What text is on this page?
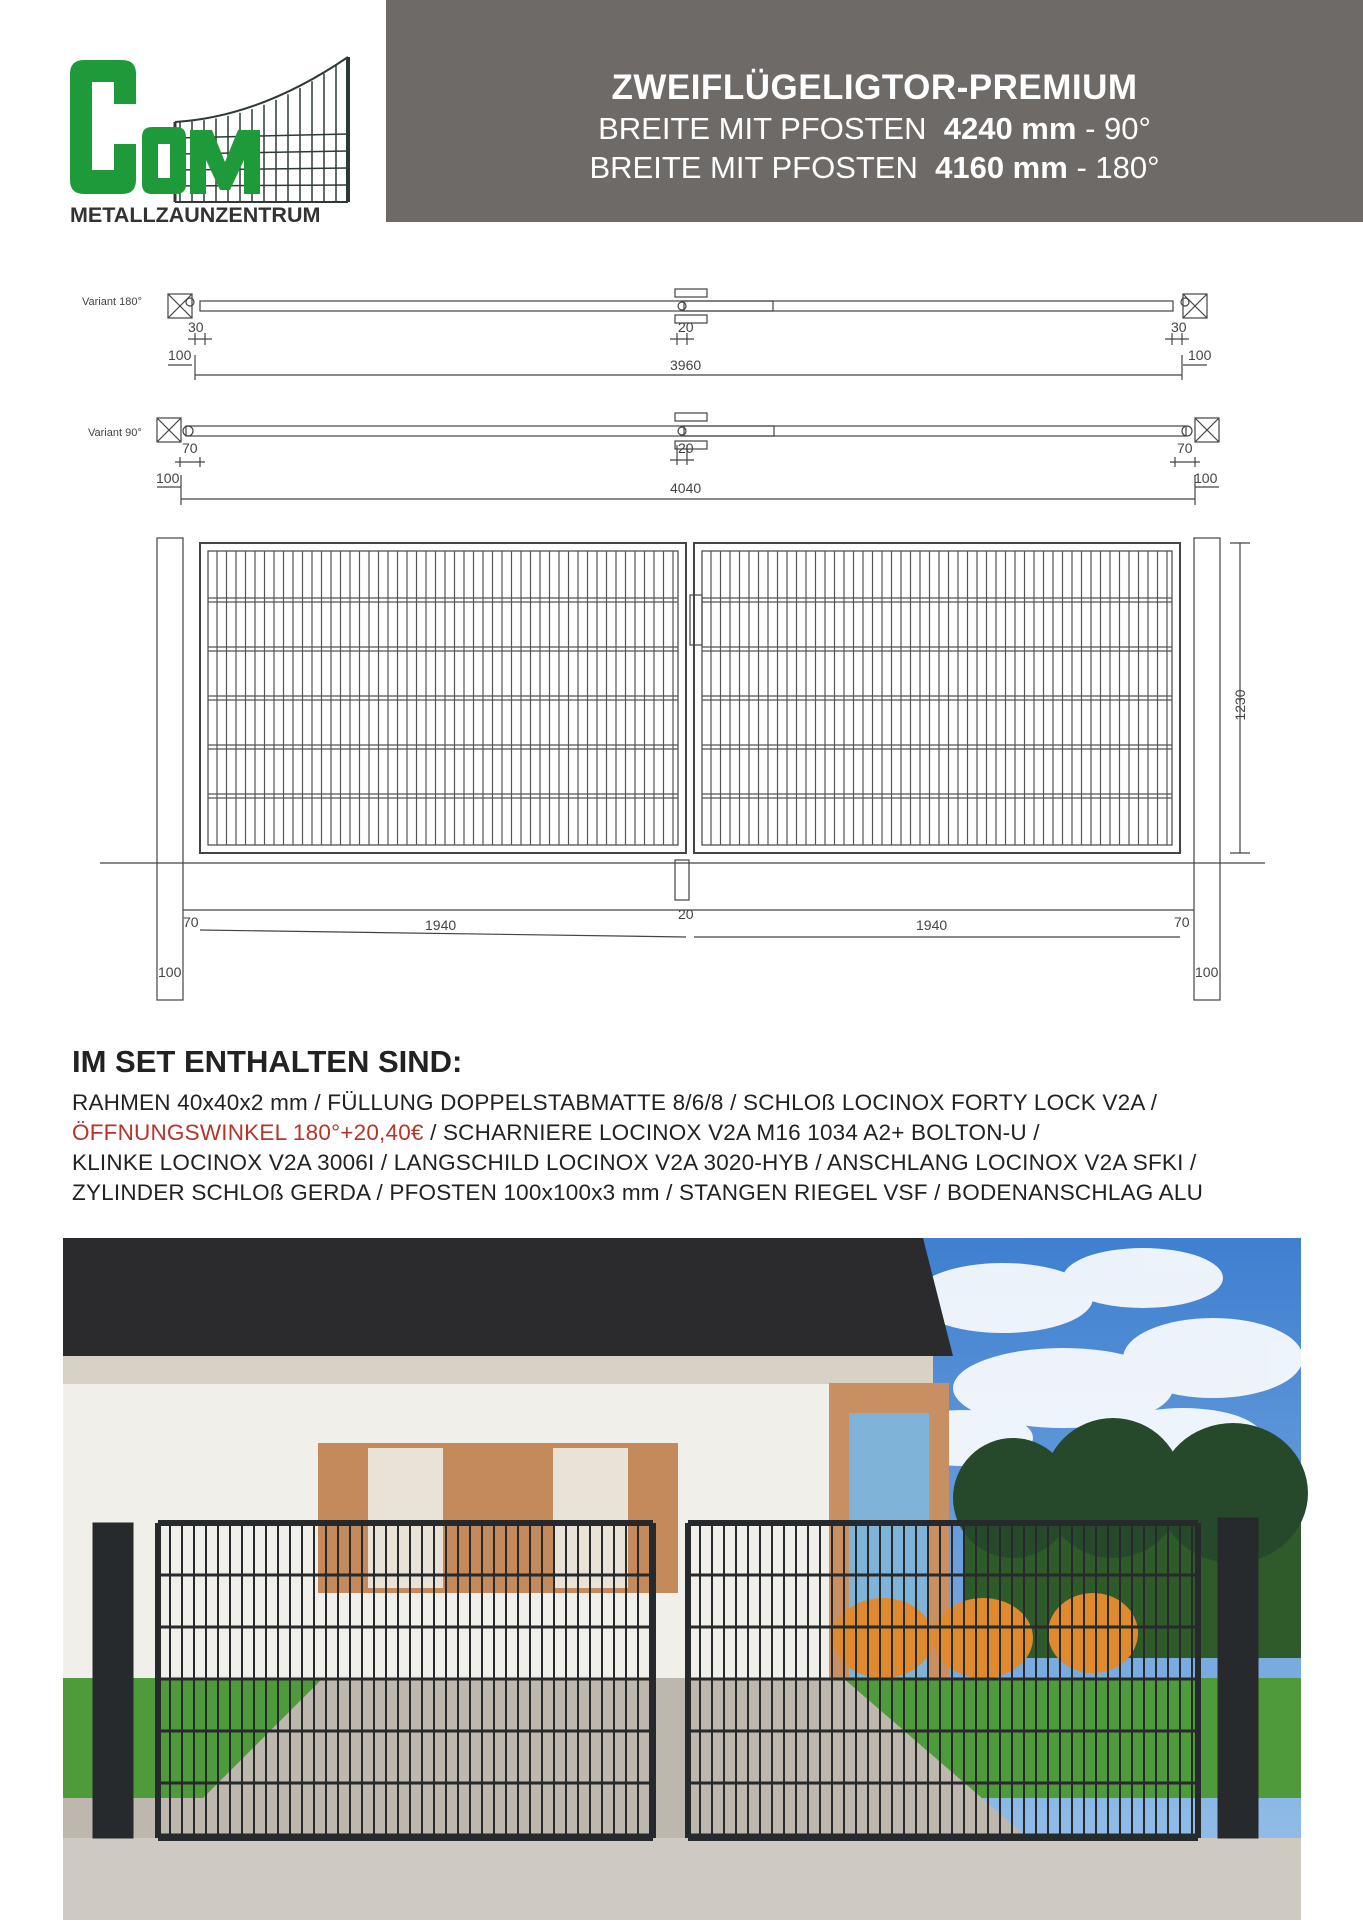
METALLZAUNZENTRUM
ZWEIFLÜGELIGTOR-PREMIUM
BREITE MIT PFOSTEN 4240 mm - 90°
BREITE MIT PFOSTEN 4160 mm - 180°
Variant 180°
30	20	30
100	100
3960
Variant 90°
70	20	70
100	100
4040
1230
70	1940
20
1940	70
100	100
IM SET ENTHALTEN SIND:
RAHMEN 40x40x2 mm / FÜLLUNG DOPPELSTABMATTE 8/6/8 / SCHLOß LOCINOX FORTY LOCK V2A /
ÖFFNUNGSWINKEL 180°+20,40€ / SCHARNIERE LOCINOX V2A M16 1034 A2+ BOLTON-U /
KLINKE LOCINOX V2A 3006I / LANGSCHILD LOCINOX V2A 3020-HYB / ANSCHLANG LOCINOX V2A SFKI /
ZYLINDER SCHLOß GERDA / PFOSTEN 100x100x3 mm / STANGEN RIEGEL VSF / BODENANSCHLAG ALU
